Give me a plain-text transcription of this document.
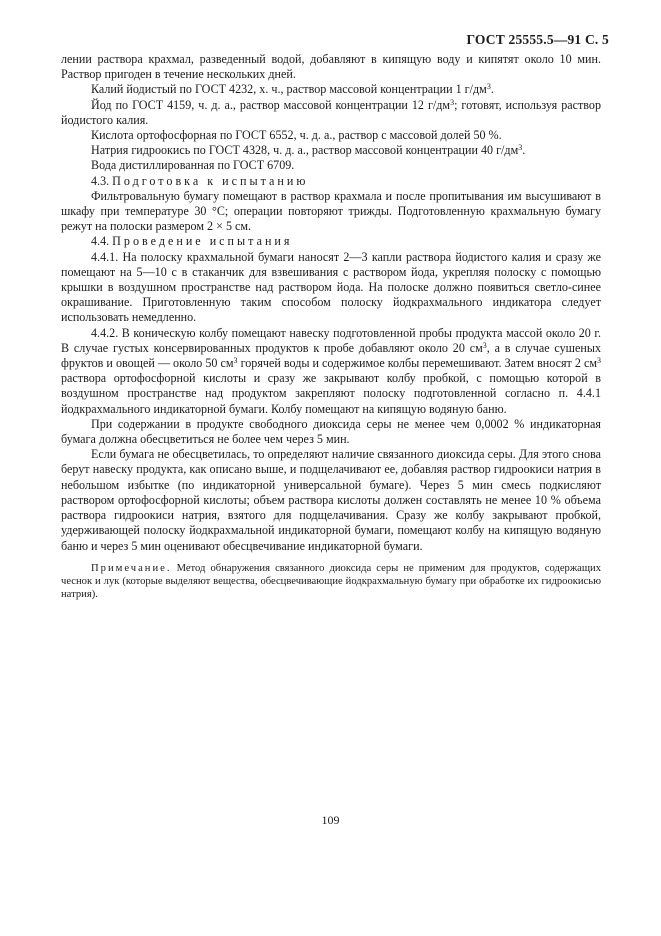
ГОСТ 25555.5—91 С. 5

лении раствора крахмал, разведенный водой, добавляют в кипящую воду и кипятят около 10 мин. Раствор пригоден в течение нескольких дней.

Калий йодистый по ГОСТ 4232, х. ч., раствор массовой концентрации 1 $г/дм^3$.

Йод по ГОСТ 4159, ч. д. а., раствор массовой концентрации 12 $г/дм^3$; готовят, используя раствор йодистого калия.

Кислота ортофосфорная по ГОСТ 6552, ч. д. а., раствор с массовой долей 50 %.

Натрия гидроокись по ГОСТ 4328, ч. д. а., раствор массовой концентрации 40 $г/дм^3$.

Вода дистиллированная по ГОСТ 6709.

4.3. Подготовка к испытанию

Фильтровальную бумагу помещают в раствор крахмала и после пропитывания им высушивают в шкафу при температуре 30 °С; операции повторяют трижды. Подготовленную крахмальную бумагу режут на полоски размером 2 × 5 см.

4.4. Проведение испытания

4.4.1. На полоску крахмальной бумаги наносят 2—3 капли раствора йодистого калия и сразу же помещают на 5—10 с в стаканчик для взвешивания с раствором йода, укрепляя полоску с помощью крышки в воздушном пространстве над раствором йода. На полоске должно появиться светло-синее окрашивание. Приготовленную таким способом полоску йодкрахмального индикатора следует использовать немедленно.

4.4.2. В коническую колбу помещают навеску подготовленной пробы продукта массой около 20 г. В случае густых консервированных продуктов к пробе добавляют около 20 $см^3$, а в случае сушеных фруктов и овощей — около 50 $см^3$ горячей воды и содержимое колбы перемешивают. Затем вносят 2 $см^3$ раствора ортофосфорной кислоты и сразу же закрывают колбу пробкой, с помощью которой в воздушном пространстве над продуктом закрепляют полоску подготовленной согласно п. 4.4.1 йодкрахмального индикаторной бумаги. Колбу помещают на кипящую водяную баню.

При содержании в продукте свободного диоксида серы не менее чем 0,0002 % индикаторная бумага должна обесцветиться не более чем через 5 мин.

Если бумага не обесцветилась, то определяют наличие связанного диоксида серы. Для этого снова берут навеску продукта, как описано выше, и подщелачивают ее, добавляя раствор гидроокиси натрия в небольшом избытке (по индикаторной универсальной бумаге). Через 5 мин смесь подкисляют раствором ортофосфорной кислоты; объем раствора кислоты должен составлять не менее 10 % объема раствора гидроокиси натрия, взятого для подщелачивания. Сразу же колбу закрывают пробкой, удерживающей полоску йодкрахмальной индикаторной бумаги, помещают колбу на кипящую водяную баню и через 5 мин оценивают обесцвечивание индикаторной бумаги.

Примечание. Метод обнаружения связанного диоксида серы не применим для продуктов, содержащих чеснок и лук (которые выделяют вещества, обесцвечивающие йодкрахмальную бумагу при обработке их гидроокисью натрия).

109
